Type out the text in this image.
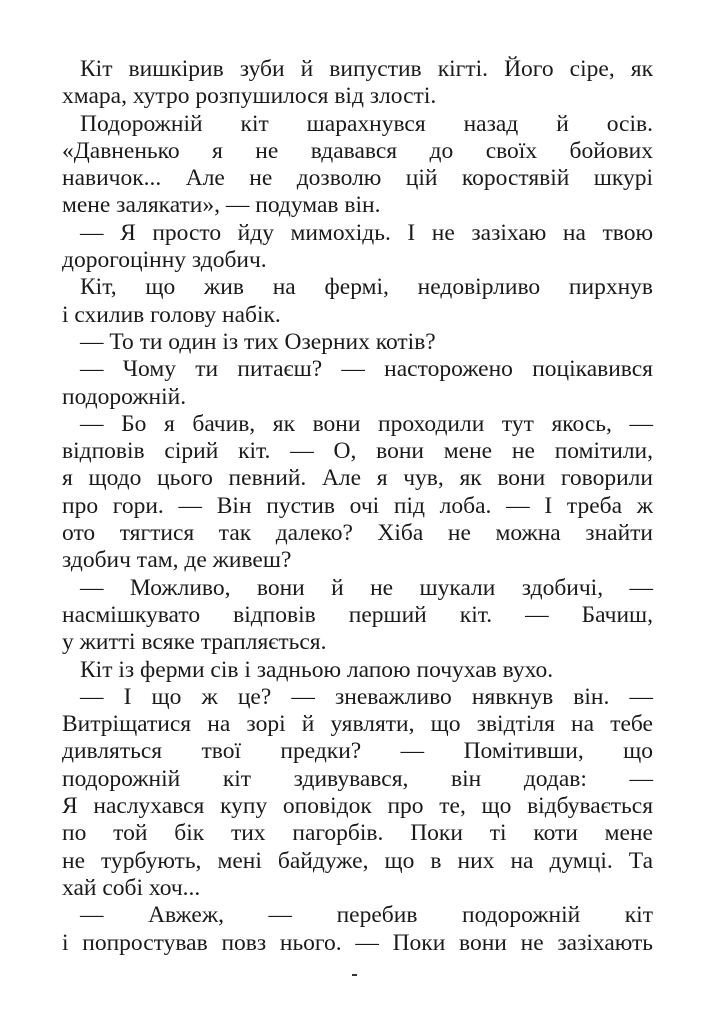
Кіт вишкірив зуби й випустив кігті. Його сіре, як
хмара, хутро розпушилося від злості.
Подорожній кіт шарахнувся назад й осів.
«Давненько я не вдавався до своїх бойових
навичок... Але не дозволю цій коростявій шкурі
мене залякати», — подумав він.
— Я просто йду мимохідь. І не зазіхаю на твою
дорогоцінну здобич.
Кіт, що жив на фермі, недовірливо пирхнув
і схилив голову набік.
— То ти один із тих Озерних котів?
— Чому ти питаєш? — насторожено поцікавився
подорожній.
— Бо я бачив, як вони проходили тут якось, —
відповів сірий кіт. — О, вони мене не помітили,
я щодо цього певний. Але я чув, як вони говорили
про гори. — Він пустив очі під лоба. — І треба ж
ото тягтися так далеко? Хіба не можна знайти
здобич там, де живеш?
— Можливо, вони й не шукали здобичі, —
насмішкувато відповів перший кіт. — Бачиш,
у житті всяке трапляється.
Кіт із ферми сів і задньою лапою почухав вухо.
— І що ж це? — зневажливо нявкнув він. —
Витріщатися на зорі й уявляти, що звідтіля на тебе
дивляться твої предки? — Помітивши, що
подорожній кіт здивувався, він додав: —
Я наслухався купу оповідок про те, що відбувається
по той бік тих пагорбів. Поки ті коти мене
не турбують, мені байдуже, що в них на думці. Та
хай собі хоч...
— Авжеж, — перебив подорожній кіт
і попростував повз нього. — Поки вони не зазіхають
